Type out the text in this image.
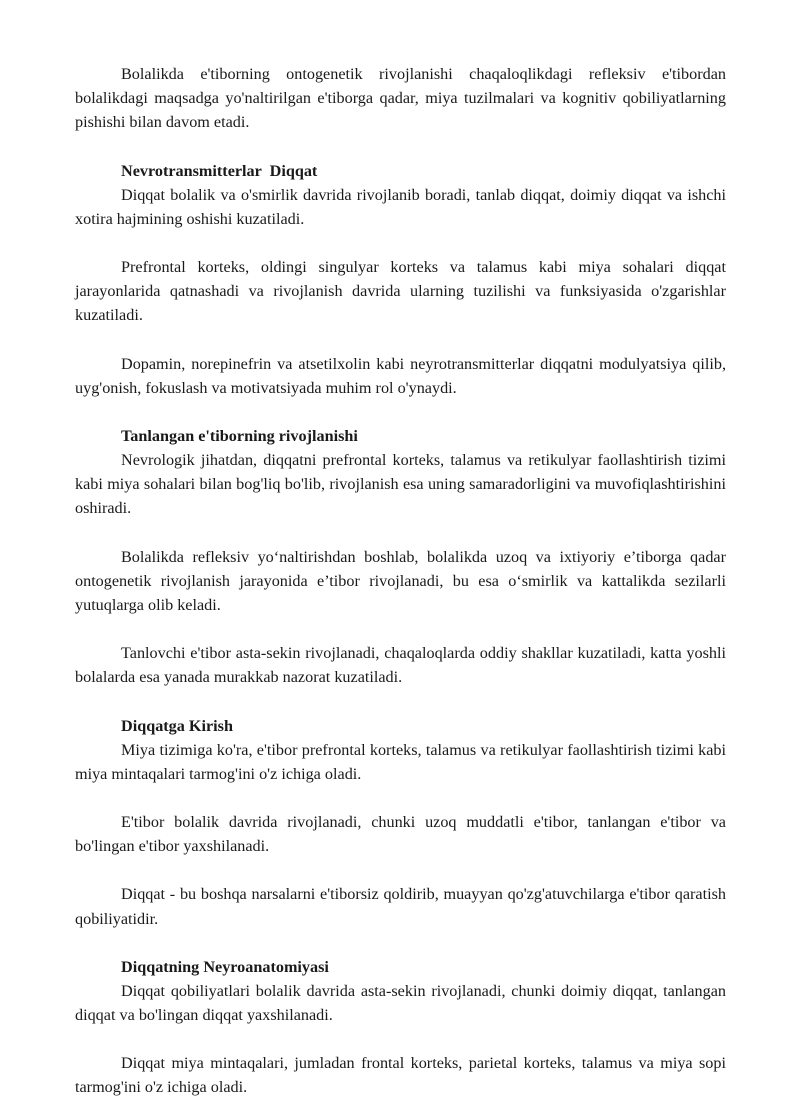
Bolalikda e'tiborning ontogenetik rivojlanishi chaqaloqlikdagi refleksiv e'tibordan bolalikdagi maqsadga yo'naltirilgan e'tiborga qadar, miya tuzilmalari va kognitiv qobiliyatlarning pishishi bilan davom etadi.

Nevrotransmitterlar  Diqqat

Diqqat bolalik va o'smirlik davrida rivojlanib boradi, tanlab diqqat, doimiy diqqat va ishchi xotira hajmining oshishi kuzatiladi.

Prefrontal korteks, oldingi singulyar korteks va talamus kabi miya sohalari diqqat jarayonlarida qatnashadi va rivojlanish davrida ularning tuzilishi va funksiyasida o'zgarishlar kuzatiladi.

Dopamin, norepinefrin va atsetilxolin kabi neyrotransmitterlar diqqatni modulyatsiya qilib, uyg'onish, fokuslash va motivatsiyada muhim rol o'ynaydi.

Tanlangan e'tiborning rivojlanishi

Nevrologik jihatdan, diqqatni prefrontal korteks, talamus va retikulyar faollashtirish tizimi kabi miya sohalari bilan bog'liq bo'lib, rivojlanish esa uning samaradorligini va muvofiqlashtirishini oshiradi.

Bolalikda refleksiv yo‘naltirishdan boshlab, bolalikda uzoq va ixtiyoriy e’tiborga qadar ontogenetik rivojlanish jarayonida e’tibor rivojlanadi, bu esa o‘smirlik va kattalikda sezilarli yutuqlarga olib keladi.

Tanlovchi e'tibor asta-sekin rivojlanadi, chaqaloqlarda oddiy shakllar kuzatiladi, katta yoshli bolalarda esa yanada murakkab nazorat kuzatiladi.

Diqqatga Kirish

Miya tizimiga ko'ra, e'tibor prefrontal korteks, talamus va retikulyar faollashtirish tizimi kabi miya mintaqalari tarmog'ini o'z ichiga oladi.

E'tibor bolalik davrida rivojlanadi, chunki uzoq muddatli e'tibor, tanlangan e'tibor va bo'lingan e'tibor yaxshilanadi.

Diqqat - bu boshqa narsalarni e'tiborsiz qoldirib, muayyan qo'zg'atuvchilarga e'tibor qaratish qobiliyatidir.

Diqqatning Neyroanatomiyasi

Diqqat qobiliyatlari bolalik davrida asta-sekin rivojlanadi, chunki doimiy diqqat, tanlangan diqqat va bo'lingan diqqat yaxshilanadi.

Diqqat miya mintaqalari, jumladan frontal korteks, parietal korteks, talamus va miya sopi tarmog'ini o'z ichiga oladi.
